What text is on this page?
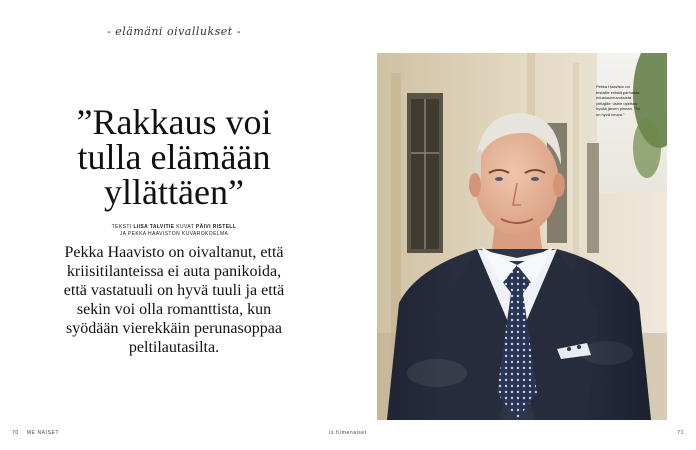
- elämäni oivallukset -
”Rakkaus voi
tulla elämään
yllättäen”
TEKSTI LIISA TALVITIE KUVAT PÄIVI RISTELL
JA PEKKA HAAVISTON KUVAROKOELMA
Pekka Haavisto on oivaltanut, että kriisitilanteissa ei auta panikoida, että vastatuuli on hyvä tuuli ja että sekin voi olla romanttista, kun syödään vierekkäin perunasoppaa peltilautasilta.
70 ME NAISET	is.fi/menaiset	71
Pekka Haavisto voi testaille erästä parhaista edustusneuvoksista yrittajille: usein opettaa hyvää järven pinnan. ”Se on hyvä neuvo.”
